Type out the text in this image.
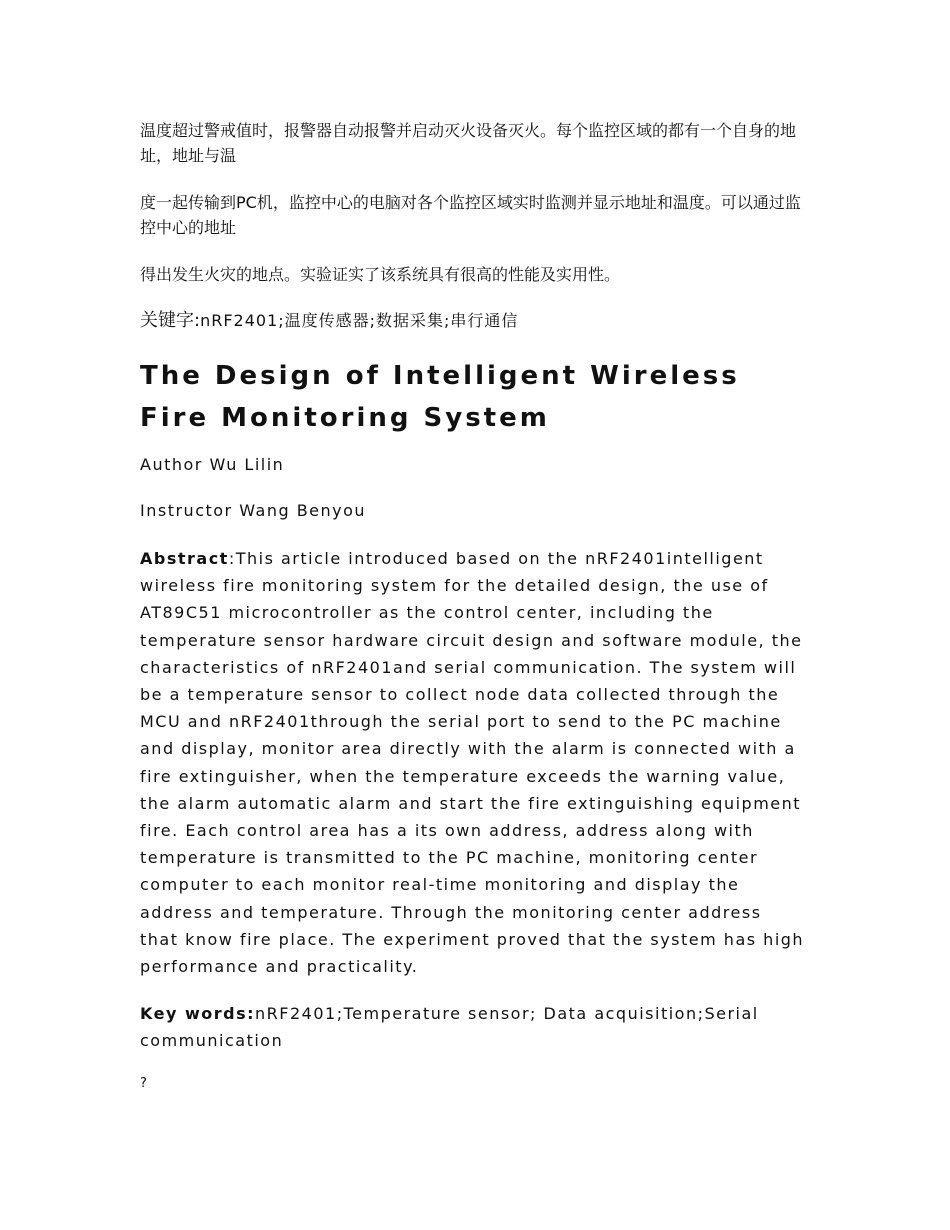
温度超过警戒值时，报警器自动报警并启动灭火设备灭火。每个监控区域的都有一个自身的地址，地址与温

度一起传输到PC机，监控中心的电脑对各个监控区域实时监测并显示地址和温度。可以通过监控中心的地址

得出发生火灾的地点。实验证实了该系统具有很高的性能及实用性。

关键字:nRF2401;温度传感器;数据采集;串行通信

The Design of Intelligent Wireless Fire Monitoring System

Author Wu Lilin

Instructor Wang Benyou

Abstract:This article introduced based on the nRF2401intelligent wireless fire monitoring system for the detailed design, the use of AT89C51 microcontroller as the control center, including the temperature sensor hardware circuit design and software module, the characteristics of nRF2401and serial communication. The system will be a temperature sensor to collect node data collected through the MCU and nRF2401through the serial port to send to the PC machine and display, monitor area directly with the alarm is connected with a fire extinguisher, when the temperature exceeds the warning value, the alarm automatic alarm and start the fire extinguishing equipment fire. Each control area has a its own address, address along with temperature is transmitted to the PC machine, monitoring center computer to each monitor real-time monitoring and display the address and temperature. Through the monitoring center address that know fire place. The experiment proved that the system has high performance and practicality.

Key words:nRF2401;Temperature sensor; Data acquisition;Serial communication

?
